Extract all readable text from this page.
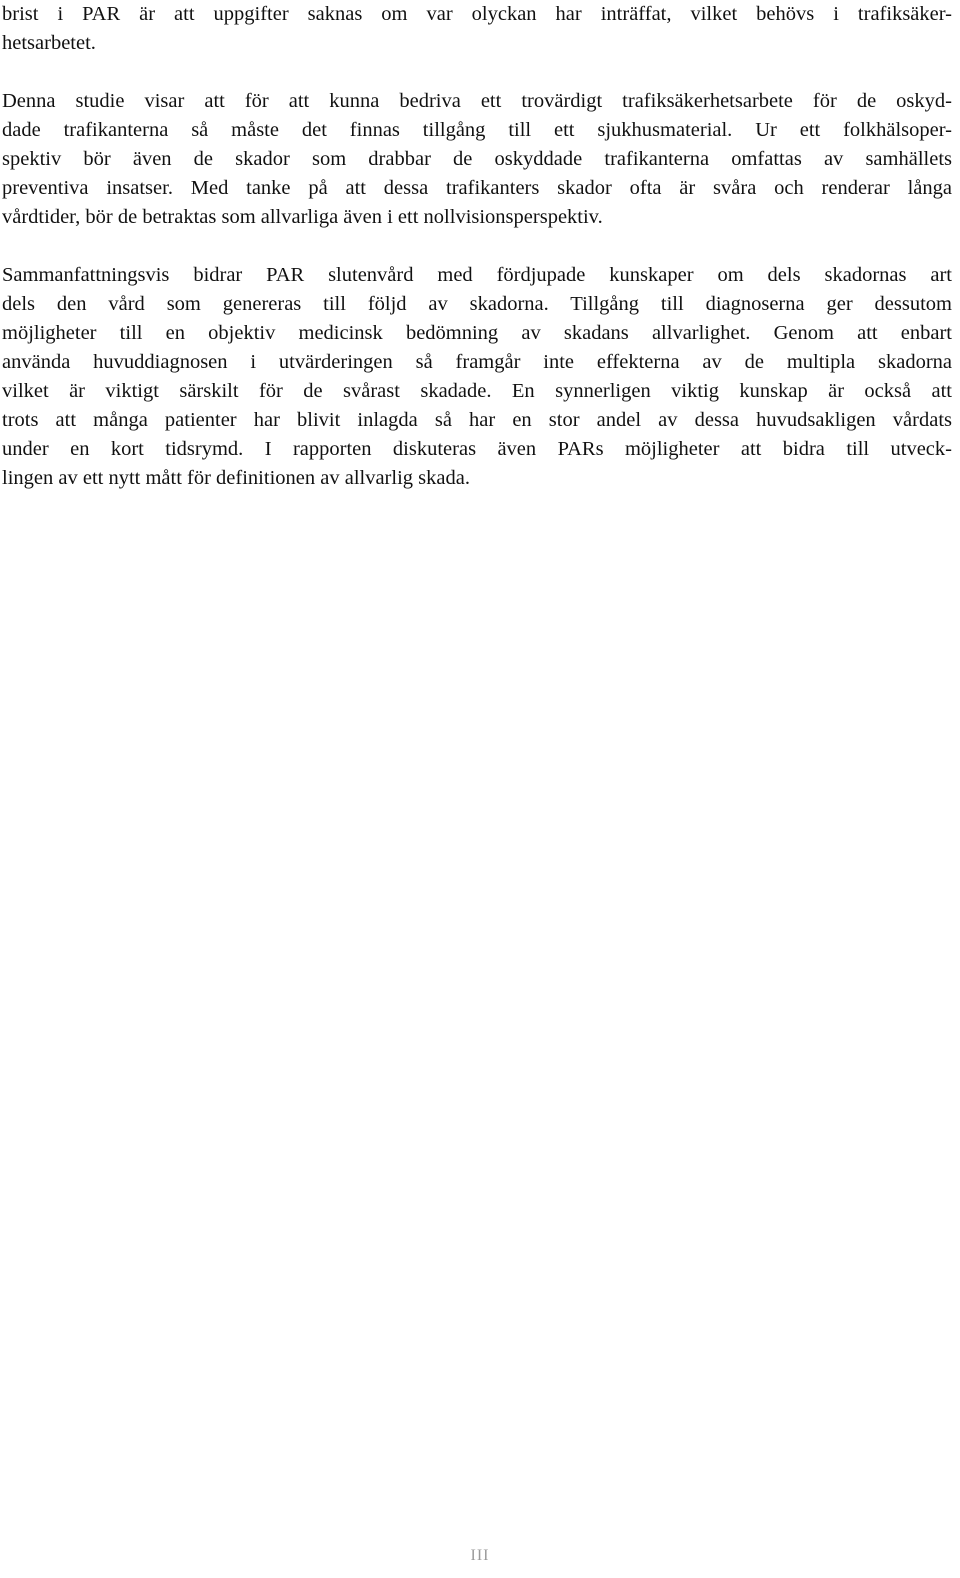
brist i PAR är att uppgifter saknas om var olyckan har inträffat, vilket behövs i trafiksäker-
hetsarbetet.
Denna studie visar att för att kunna bedriva ett trovärdigt trafiksäkerhetsarbete för de oskyd-
dade trafikanterna så måste det finnas tillgång till ett sjukhusmaterial. Ur ett folkhälsoper-
spektiv bör även de skador som drabbar de oskyddade trafikanterna omfattas av samhällets
preventiva insatser. Med tanke på att dessa trafikanters skador ofta är svåra och renderar långa
vårdtider, bör de betraktas som allvarliga även i ett nollvisionsperspektiv.
Sammanfattningsvis bidrar PAR slutenvård med fördjupade kunskaper om dels skadornas art
dels den vård som genereras till följd av skadorna. Tillgång till diagnoserna ger dessutom
möjligheter till en objektiv medicinsk bedömning av skadans allvarlighet. Genom att enbart
använda huvuddiagnosen i utvärderingen så framgår inte effekterna av de multipla skadorna
vilket är viktigt särskilt för de svårast skadade. En synnerligen viktig kunskap är också att
trots att många patienter har blivit inlagda så har en stor andel av dessa huvudsakligen vårdats
under en kort tidsrymd. I rapporten diskuteras även PARs möjligheter att bidra till utveck-
lingen av ett nytt mått för definitionen av allvarlig skada.
III
